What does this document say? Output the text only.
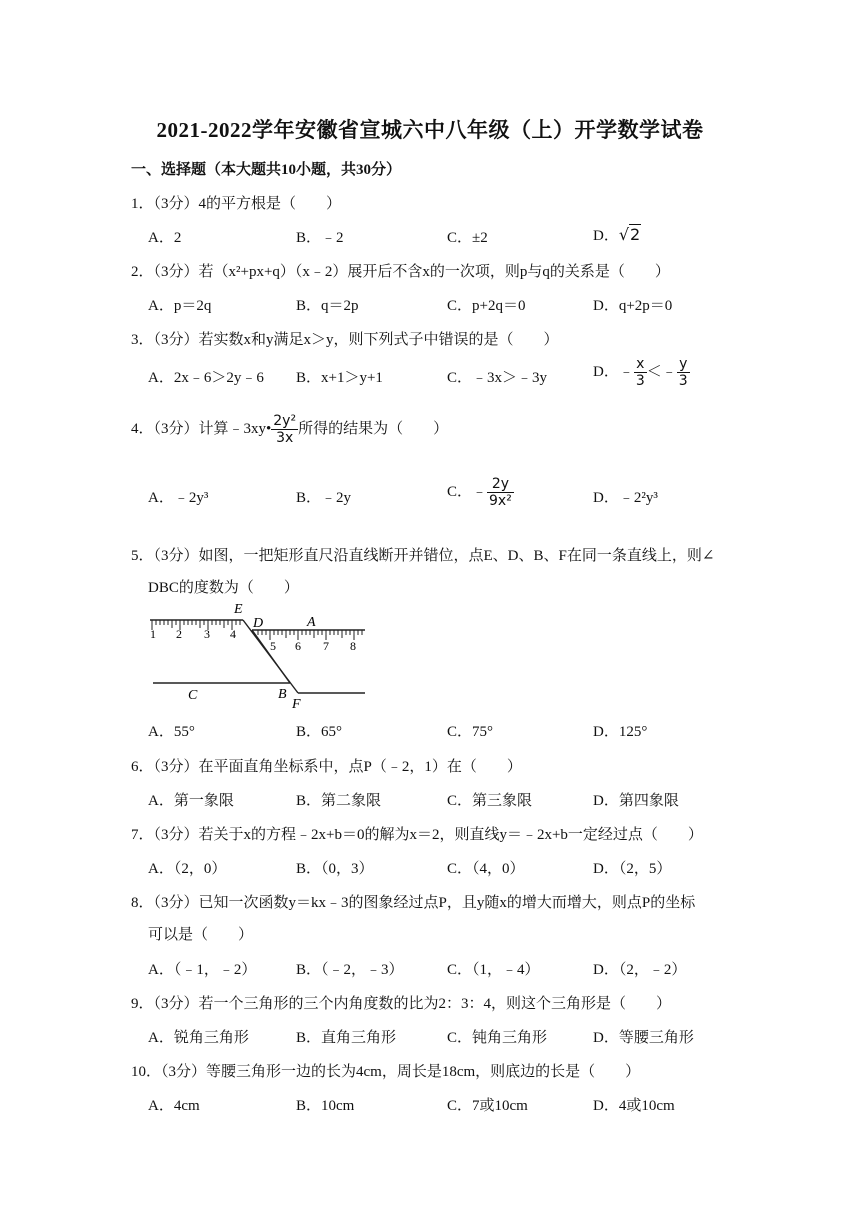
2021-2022学年安徽省宣城六中八年级（上）开学数学试卷
一、选择题（本大题共10小题，共30分）
1．（3分）4的平方根是（　　）
A．2	B．﹣2	C．±2	D．√2
2．（3分）若（x²+px+q）（x﹣2）展开后不含x的一次项，则p与q的关系是（　　）
A．p＝2q	B．q＝2p	C．p+2q＝0	D．q+2p＝0
3．（3分）若实数x和y满足x＞y，则下列式子中错误的是（　　）
A．2x﹣6＞2y﹣6 B．x+1＞y+1	C．﹣3x＞﹣3y	D．﹣ $\frac{x}{3}$ ＜﹣ $\frac{y}{3}$
4．（3分）计算﹣3xy• $\frac{\text{2y²}}{3x}$ 所得的结果为（　　）
A．﹣2y³	B．﹣2y	C．﹣ $\frac{2y}{\text{9x²}}$	D．﹣2²y³
5．（3分）如图，一把矩形直尺沿直线断开并错位，点E、D、B、F在同一条直线上，则∠
DBC的度数为（　　）
1 2 3 4
5 6 7 8
E
D	A
C	B
F
A．55°	B．65°	C．75°	D．125°
6．（3分）在平面直角坐标系中，点P（﹣2，1）在（　　）
A．第一象限	B．第二象限	C．第三象限	D．第四象限
7．（3分）若关于x的方程﹣2x+b＝0的解为x＝2，则直线y＝﹣2x+b一定经过点（　　）
A．（2，0）	B．（0，3）	C．（4，0）	D．（2，5）
8．（3分）已知一次函数y＝kx﹣3的图象经过点P，且y随x的增大而增大，则点P的坐标
可以是（　　）
A．（﹣1，﹣2）	B．（﹣2，﹣3）	C．（1，﹣4）	D．（2，﹣2）
9．（3分）若一个三角形的三个内角度数的比为2：3：4，则这个三角形是（　　）
A．锐角三角形	B．直角三角形	C．钝角三角形	D．等腰三角形
10．（3分）等腰三角形一边的长为4cm，周长是18cm，则底边的长是（　　）
A．4cm	B．10cm	C．7或10cm	D．4或10cm
